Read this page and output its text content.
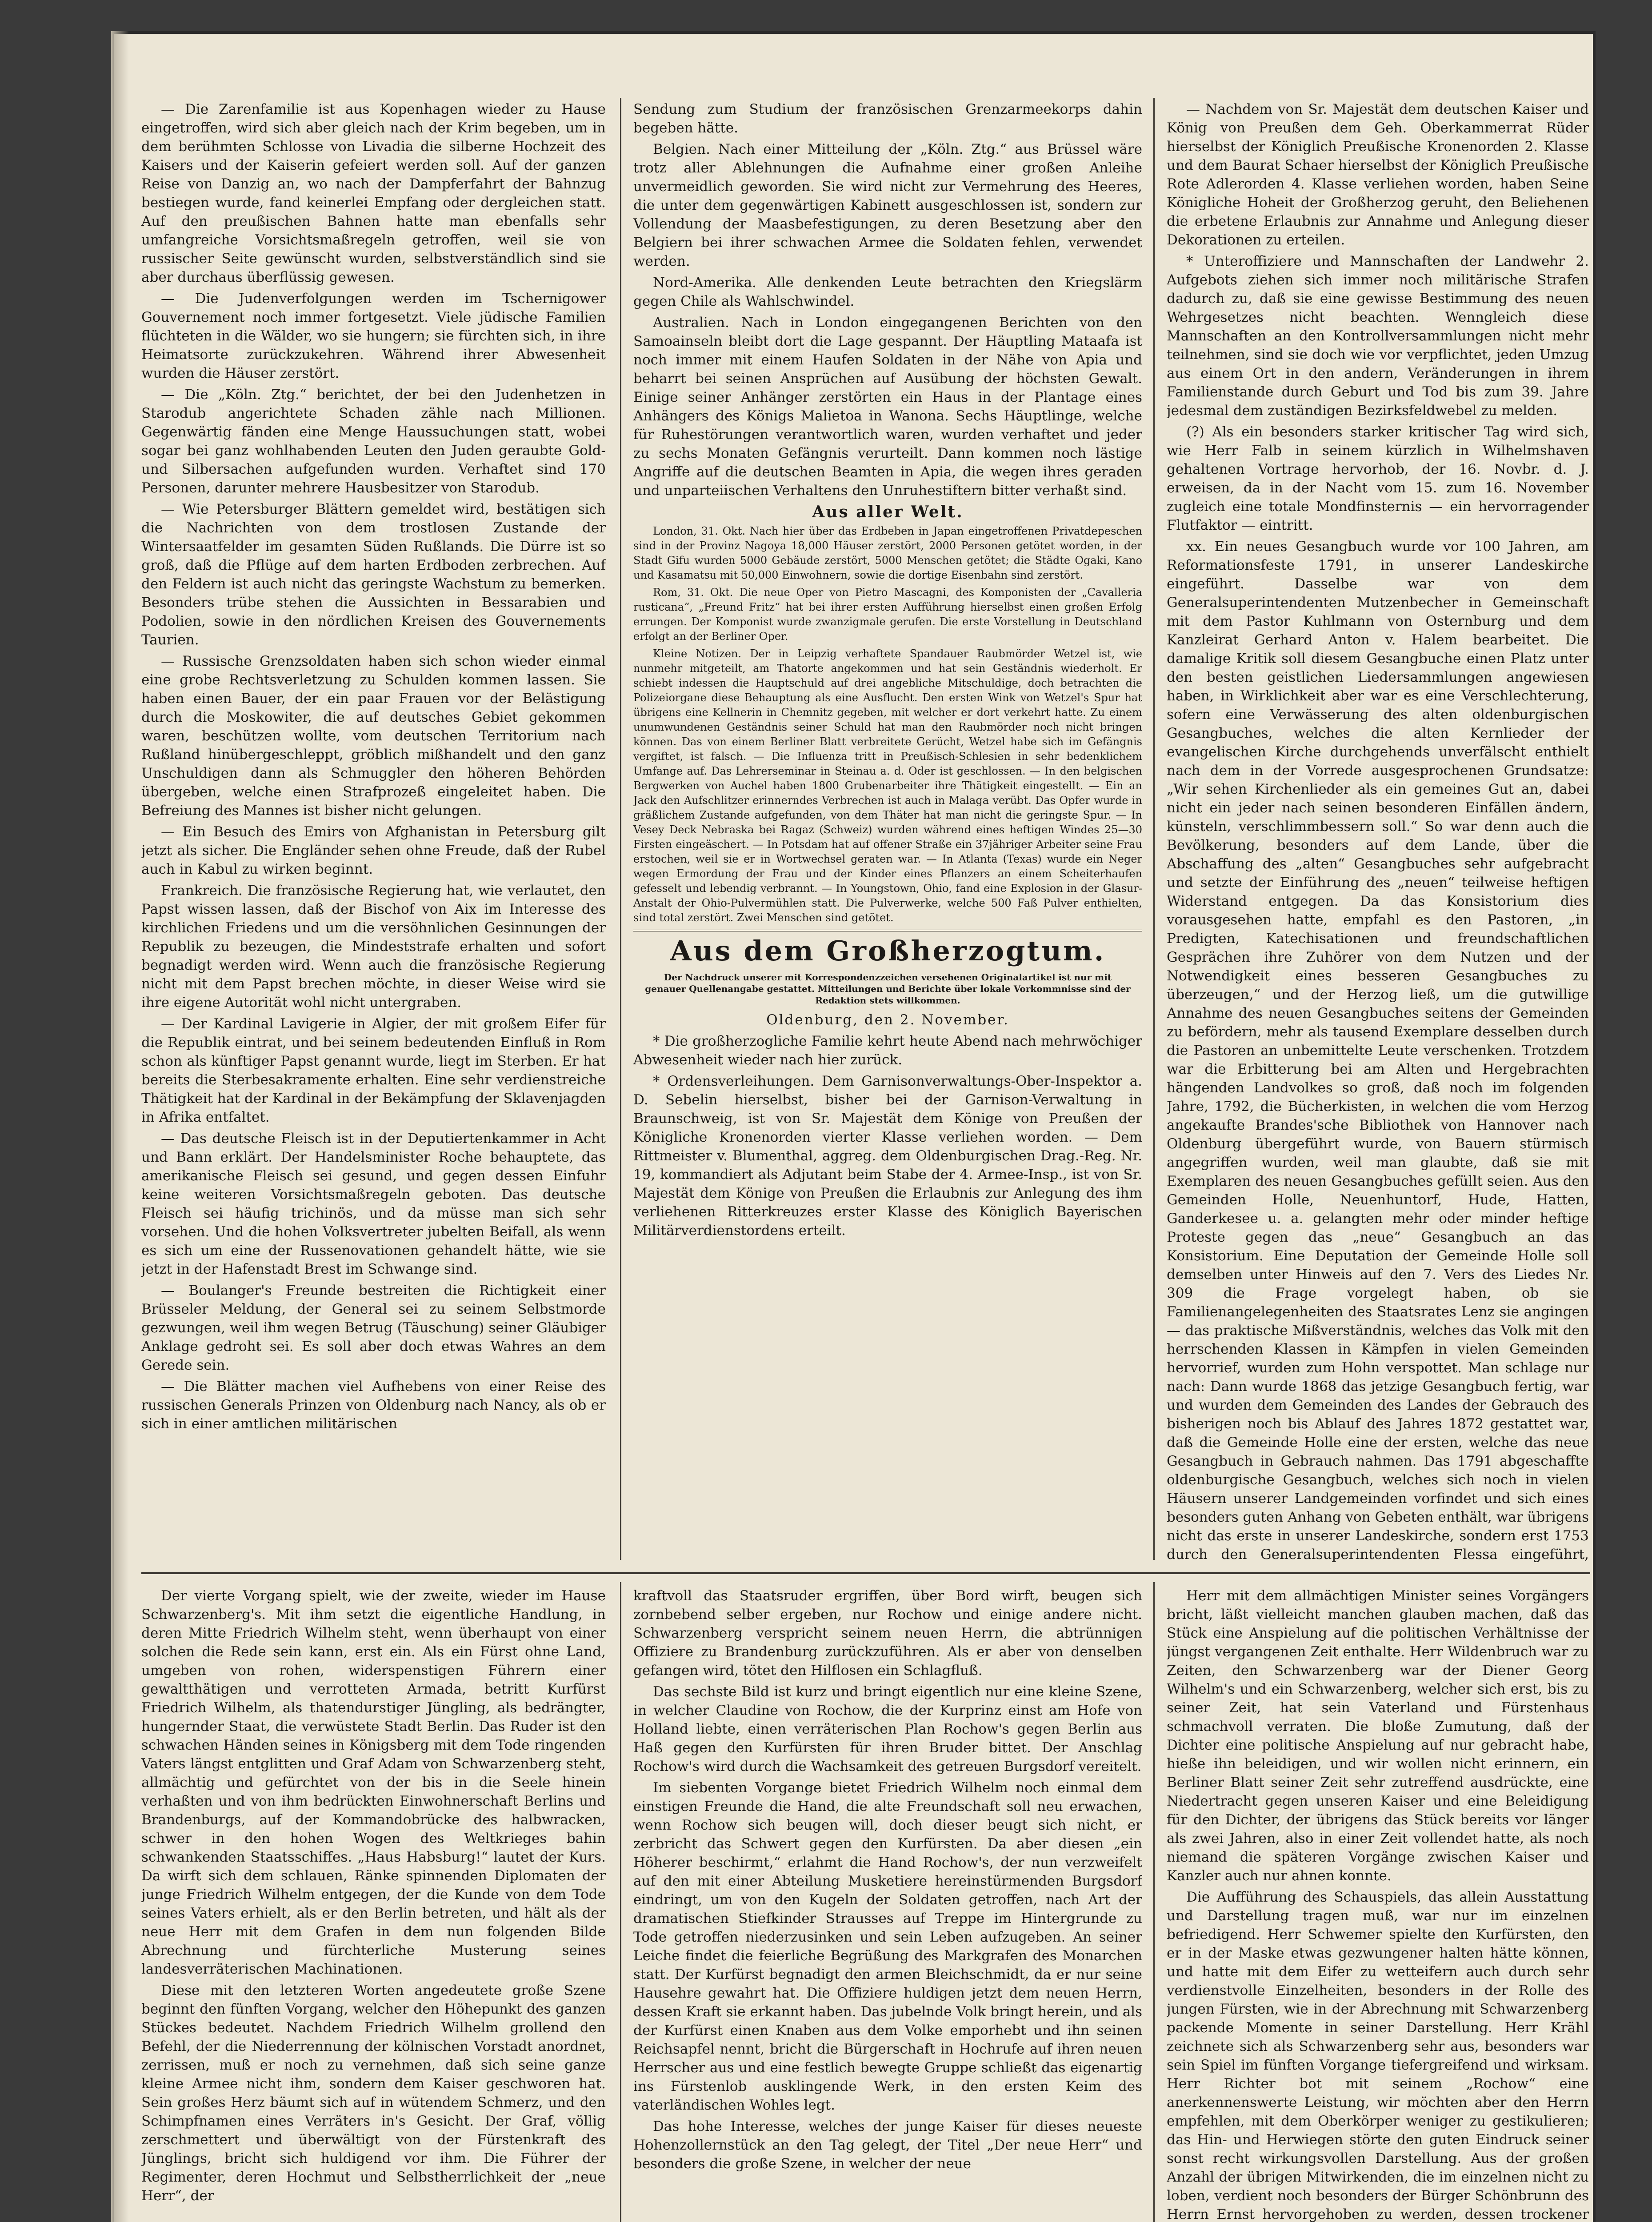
— Die Zarenfamilie ist aus Kopenhagen wieder zu Hause eingetroffen, wird sich aber gleich nach der Krim begeben, um in dem berühmten Schlosse von Livadia die silberne Hochzeit des Kaisers und der Kaiserin gefeiert werden soll. Auf der ganzen Reise von Danzig an, wo nach der Dampferfahrt der Bahnzug bestiegen wurde, fand keinerlei Empfang oder dergleichen statt. Auf den preußischen Bahnen hatte man ebenfalls sehr umfangreiche Vorsichtsmaßregeln getroffen, weil sie von russischer Seite gewünscht wurden, selbstverständlich sind sie aber durchaus überflüssig gewesen.

— Die Judenverfolgungen werden im Tschernigower Gouvernement noch immer fortgesetzt. Viele jüdische Familien flüchteten in die Wälder, wo sie hungern; sie fürchten sich, in ihre Heimatsorte zurückzukehren. Während ihrer Abwesenheit wurden die Häuser zerstört.

— Die „Köln. Ztg.“ berichtet, der bei den Judenhetzen in Starodub angerichtete Schaden zähle nach Millionen. Gegenwärtig fänden eine Menge Haussuchungen statt, wobei sogar bei ganz wohlhabenden Leuten den Juden geraubte Gold- und Silbersachen aufgefunden wurden. Verhaftet sind 170 Personen, darunter mehrere Hausbesitzer von Starodub.

— Wie Petersburger Blättern gemeldet wird, bestätigen sich die Nachrichten von dem trostlosen Zustande der Wintersaatfelder im gesamten Süden Rußlands. Die Dürre ist so groß, daß die Pflüge auf dem harten Erdboden zerbrechen. Auf den Feldern ist auch nicht das geringste Wachstum zu bemerken. Besonders trübe stehen die Aussichten in Bessarabien und Podolien, sowie in den nördlichen Kreisen des Gouvernements Taurien.

— Russische Grenzsoldaten haben sich schon wieder einmal eine grobe Rechtsverletzung zu Schulden kommen lassen. Sie haben einen Bauer, der ein paar Frauen vor der Belästigung durch die Moskowiter, die auf deutsches Gebiet gekommen waren, beschützen wollte, vom deutschen Territorium nach Rußland hinübergeschleppt, gröblich mißhandelt und den ganz Unschuldigen dann als Schmuggler den höheren Behörden übergeben, welche einen Strafprozeß eingeleitet haben. Die Befreiung des Mannes ist bisher nicht gelungen.

— Ein Besuch des Emirs von Afghanistan in Petersburg gilt jetzt als sicher. Die Engländer sehen ohne Freude, daß der Rubel auch in Kabul zu wirken beginnt.

Frankreich. Die französische Regierung hat, wie verlautet, den Papst wissen lassen, daß der Bischof von Aix im Interesse des kirchlichen Friedens und um die versöhnlichen Gesinnungen der Republik zu bezeugen, die Mindeststrafe erhalten und sofort begnadigt werden wird. Wenn auch die französische Regierung nicht mit dem Papst brechen möchte, in dieser Weise wird sie ihre eigene Autorität wohl nicht untergraben.

— Der Kardinal Lavigerie in Algier, der mit großem Eifer für die Republik eintrat, und bei seinem bedeutenden Einfluß in Rom schon als künftiger Papst genannt wurde, liegt im Sterben. Er hat bereits die Sterbesakramente erhalten. Eine sehr verdienstreiche Thätigkeit hat der Kardinal in der Bekämpfung der Sklavenjagden in Afrika entfaltet.

— Das deutsche Fleisch ist in der Deputiertenkammer in Acht und Bann erklärt. Der Handelsminister Roche behauptete, das amerikanische Fleisch sei gesund, und gegen dessen Einfuhr keine weiteren Vorsichtsmaßregeln geboten. Das deutsche Fleisch sei häufig trichinös, und da müsse man sich sehr vorsehen. Und die hohen Volksvertreter jubelten Beifall, als wenn es sich um eine der Russenovationen gehandelt hätte, wie sie jetzt in der Hafenstadt Brest im Schwange sind.

— Boulanger's Freunde bestreiten die Richtigkeit einer Brüsseler Meldung, der General sei zu seinem Selbstmorde gezwungen, weil ihm wegen Betrug (Täuschung) seiner Gläubiger Anklage gedroht sei. Es soll aber doch etwas Wahres an dem Gerede sein.

— Die Blätter machen viel Aufhebens von einer Reise des russischen Generals Prinzen von Oldenburg nach Nancy, als ob er sich in einer amtlichen militärischen

Sendung zum Studium der französischen Grenzarmeekorps dahin begeben hätte.

Belgien. Nach einer Mitteilung der „Köln. Ztg.“ aus Brüssel wäre trotz aller Ablehnungen die Aufnahme einer großen Anleihe unvermeidlich geworden. Sie wird nicht zur Vermehrung des Heeres, die unter dem gegenwärtigen Kabinett ausgeschlossen ist, sondern zur Vollendung der Maasbefestigungen, zu deren Besetzung aber den Belgiern bei ihrer schwachen Armee die Soldaten fehlen, verwendet werden.

Nord-Amerika. Alle denkenden Leute betrachten den Kriegslärm gegen Chile als Wahlschwindel.

Australien. Nach in London eingegangenen Berichten von den Samoainseln bleibt dort die Lage gespannt. Der Häuptling Mataafa ist noch immer mit einem Haufen Soldaten in der Nähe von Apia und beharrt bei seinen Ansprüchen auf Ausübung der höchsten Gewalt. Einige seiner Anhänger zerstörten ein Haus in der Plantage eines Anhängers des Königs Malietoa in Wanona. Sechs Häuptlinge, welche für Ruhestörungen verantwortlich waren, wurden verhaftet und jeder zu sechs Monaten Gefängnis verurteilt. Dann kommen noch lästige Angriffe auf die deutschen Beamten in Apia, die wegen ihres geraden und unparteiischen Verhaltens den Unruhestiftern bitter verhaßt sind.

Aus aller Welt.

London, 31. Okt. Nach hier über das Erdbeben in Japan eingetroffenen Privatdepeschen sind in der Provinz Nagoya 18,000 Häuser zerstört, 2000 Personen getötet worden, in der Stadt Gifu wurden 5000 Gebäude zerstört, 5000 Menschen getötet; die Städte Ogaki, Kano und Kasamatsu mit 50,000 Einwohnern, sowie die dortige Eisenbahn sind zerstört.

Rom, 31. Okt. Die neue Oper von Pietro Mascagni, des Komponisten der „Cavalleria rusticana“, „Freund Fritz“ hat bei ihrer ersten Aufführung hierselbst einen großen Erfolg errungen. Der Komponist wurde zwanzigmale gerufen. Die erste Vorstellung in Deutschland erfolgt an der Berliner Oper.

Kleine Notizen. Der in Leipzig verhaftete Spandauer Raubmörder Wetzel ist, wie nunmehr mitgeteilt, am Thatorte angekommen und hat sein Geständnis wiederholt. Er schiebt indessen die Hauptschuld auf drei angebliche Mitschuldige, doch betrachten die Polizeiorgane diese Behauptung als eine Ausflucht. Den ersten Wink von Wetzel's Spur hat übrigens eine Kellnerin in Chemnitz gegeben, mit welcher er dort verkehrt hatte. Zu einem unumwundenen Geständnis seiner Schuld hat man den Raubmörder noch nicht bringen können. Das von einem Berliner Blatt verbreitete Gerücht, Wetzel habe sich im Gefängnis vergiftet, ist falsch. — Die Influenza tritt in Preußisch-Schlesien in sehr bedenklichem Umfange auf. Das Lehrerseminar in Steinau a. d. Oder ist geschlossen. — In den belgischen Bergwerken von Auchel haben 1800 Grubenarbeiter ihre Thätigkeit eingestellt. — Ein an Jack den Aufschlitzer erinnerndes Verbrechen ist auch in Malaga verübt. Das Opfer wurde in gräßlichem Zustande aufgefunden, von dem Thäter hat man nicht die geringste Spur. — In Vesey Deck Nebraska bei Ragaz (Schweiz) wurden während eines heftigen Windes 25—30 Firsten eingeäschert. — In Potsdam hat auf offener Straße ein 37jähriger Arbeiter seine Frau erstochen, weil sie er in Wortwechsel geraten war. — In Atlanta (Texas) wurde ein Neger wegen Ermordung der Frau und der Kinder eines Pflanzers an einem Scheiterhaufen gefesselt und lebendig verbrannt. — In Youngstown, Ohio, fand eine Explosion in der Glasur-Anstalt der Ohio-Pulvermühlen statt. Die Pulverwerke, welche 500 Faß Pulver enthielten, sind total zerstört. Zwei Menschen sind getötet.

Aus dem Großherzogtum.

Der Nachdruck unserer mit Korrespondenzzeichen versehenen Originalartikel ist nur mit genauer Quellenangabe gestattet. Mitteilungen und Berichte über lokale Vorkommnisse sind der Redaktion stets willkommen.

Oldenburg, den 2. November.

* Die großherzogliche Familie kehrt heute Abend nach mehrwöchiger Abwesenheit wieder nach hier zurück.

* Ordensverleihungen. Dem Garnisonverwaltungs-Ober-Inspektor a. D. Sebelin hierselbst, bisher bei der Garnison-Verwaltung in Braunschweig, ist von Sr. Majestät dem Könige von Preußen der Königliche Kronenorden vierter Klasse verliehen worden. — Dem Rittmeister v. Blumenthal, aggreg. dem Oldenburgischen Drag.-Reg. Nr. 19, kommandiert als Adjutant beim Stabe der 4. Armee-Insp., ist von Sr. Majestät dem Könige von Preußen die Erlaubnis zur Anlegung des ihm verliehenen Ritterkreuzes erster Klasse des Königlich Bayerischen Militärverdienstordens erteilt.

— Nachdem von Sr. Majestät dem deutschen Kaiser und König von Preußen dem Geh. Oberkammerrat Rüder hierselbst der Königlich Preußische Kronenorden 2. Klasse und dem Baurat Schaer hierselbst der Königlich Preußische Rote Adlerorden 4. Klasse verliehen worden, haben Seine Königliche Hoheit der Großherzog geruht, den Beliehenen die erbetene Erlaubnis zur Annahme und Anlegung dieser Dekorationen zu erteilen.

* Unteroffiziere und Mannschaften der Landwehr 2. Aufgebots ziehen sich immer noch militärische Strafen dadurch zu, daß sie eine gewisse Bestimmung des neuen Wehrgesetzes nicht beachten. Wenngleich diese Mannschaften an den Kontrollversammlungen nicht mehr teilnehmen, sind sie doch wie vor verpflichtet, jeden Umzug aus einem Ort in den andern, Veränderungen in ihrem Familienstande durch Geburt und Tod bis zum 39. Jahre jedesmal dem zuständigen Bezirksfeldwebel zu melden.

(?) Als ein besonders starker kritischer Tag wird sich, wie Herr Falb in seinem kürzlich in Wilhelmshaven gehaltenen Vortrage hervorhob, der 16. Novbr. d. J. erweisen, da in der Nacht vom 15. zum 16. November zugleich eine totale Mondfinsternis — ein hervorragender Flutfaktor — eintritt.

xx. Ein neues Gesangbuch wurde vor 100 Jahren, am Reformationsfeste 1791, in unserer Landeskirche eingeführt. Dasselbe war von dem Generalsuperintendenten Mutzenbecher in Gemeinschaft mit dem Pastor Kuhlmann von Osternburg und dem Kanzleirat Gerhard Anton v. Halem bearbeitet. Die damalige Kritik soll diesem Gesangbuche einen Platz unter den besten geistlichen Liedersammlungen angewiesen haben, in Wirklichkeit aber war es eine Verschlechterung, sofern eine Verwässerung des alten oldenburgischen Gesangbuches, welches die alten Kernlieder der evangelischen Kirche durchgehends unverfälscht enthielt nach dem in der Vorrede ausgesprochenen Grundsatze: „Wir sehen Kirchenlieder als ein gemeines Gut an, dabei nicht ein jeder nach seinen besonderen Einfällen ändern, künsteln, verschlimmbessern soll.“ So war denn auch die Bevölkerung, besonders auf dem Lande, über die Abschaffung des „alten“ Gesangbuches sehr aufgebracht und setzte der Einführung des „neuen“ teilweise heftigen Widerstand entgegen. Da das Konsistorium dies vorausgesehen hatte, empfahl es den Pastoren, „in Predigten, Katechisationen und freundschaftlichen Gesprächen ihre Zuhörer von dem Nutzen und der Notwendigkeit eines besseren Gesangbuches zu überzeugen,“ und der Herzog ließ, um die gutwillige Annahme des neuen Gesangbuches seitens der Gemeinden zu befördern, mehr als tausend Exemplare desselben durch die Pastoren an unbemittelte Leute verschenken. Trotzdem war die Erbitterung bei am Alten und Hergebrachten hängenden Landvolkes so groß, daß noch im folgenden Jahre, 1792, die Bücherkisten, in welchen die vom Herzog angekaufte Brandes'sche Bibliothek von Hannover nach Oldenburg übergeführt wurde, von Bauern stürmisch angegriffen wurden, weil man glaubte, daß sie mit Exemplaren des neuen Gesangbuches gefüllt seien. Aus den Gemeinden Holle, Neuenhuntorf, Hude, Hatten, Ganderkesee u. a. gelangten mehr oder minder heftige Proteste gegen das „neue“ Gesangbuch an das Konsistorium. Eine Deputation der Gemeinde Holle soll demselben unter Hinweis auf den 7. Vers des Liedes Nr. 309 die Frage vorgelegt haben, ob sie Familienangelegenheiten des Staatsrates Lenz sie angingen — das praktische Mißverständnis, welches das Volk mit den herrschenden Klassen in Kämpfen in vielen Gemeinden hervorrief, wurden zum Hohn verspottet. Man schlage nur nach: Dann wurde 1868 das jetzige Gesangbuch fertig, war und wurden dem Gemeinden des Landes der Gebrauch des bisherigen noch bis Ablauf des Jahres 1872 gestattet war, daß die Gemeinde Holle eine der ersten, welche das neue Gesangbuch in Gebrauch nahmen. Das 1791 abgeschaffte oldenburgische Gesangbuch, welches sich noch in vielen Häusern unserer Landgemeinden vorfindet und sich eines besonders guten Anhang von Gebeten enthält, war übrigens nicht das erste in unserer Landeskirche, sondern erst 1753 durch den Generalsuperintendenten Flessa eingeführt,

Der vierte Vorgang spielt, wie der zweite, wieder im Hause Schwarzenberg's. Mit ihm setzt die eigentliche Handlung, in deren Mitte Friedrich Wilhelm steht, wenn überhaupt von einer solchen die Rede sein kann, erst ein. Als ein Fürst ohne Land, umgeben von rohen, widerspenstigen Führern einer gewaltthätigen und verrotteten Armada, betritt Kurfürst Friedrich Wilhelm, als thatendurstiger Jüngling, als bedrängter, hungernder Staat, die verwüstete Stadt Berlin. Das Ruder ist den schwachen Händen seines in Königsberg mit dem Tode ringenden Vaters längst entglitten und Graf Adam von Schwarzenberg steht, allmächtig und gefürchtet von der bis in die Seele hinein verhaßten und von ihm bedrückten Einwohnerschaft Berlins und Brandenburgs, auf der Kommandobrücke des halbwracken, schwer in den hohen Wogen des Weltkrieges bahin schwankenden Staatsschiffes. „Haus Habsburg!“ lautet der Kurs. Da wirft sich dem schlauen, Ränke spinnenden Diplomaten der junge Friedrich Wilhelm entgegen, der die Kunde von dem Tode seines Vaters erhielt, als er den Berlin betreten, und hält als der neue Herr mit dem Grafen in dem nun folgenden Bilde Abrechnung und fürchterliche Musterung seines landesverräterischen Machinationen.

Diese mit den letzteren Worten angedeutete große Szene beginnt den fünften Vorgang, welcher den Höhepunkt des ganzen Stückes bedeutet. Nachdem Friedrich Wilhelm grollend den Befehl, der die Niederrennung der kölnischen Vorstadt anordnet, zerrissen, muß er noch zu vernehmen, daß sich seine ganze kleine Armee nicht ihm, sondern dem Kaiser geschworen hat. Sein großes Herz bäumt sich auf in wütendem Schmerz, und den Schimpfnamen eines Verräters in's Gesicht. Der Graf, völlig zerschmettert und überwältigt von der Fürstenkraft des Jünglings, bricht sich huldigend vor ihm. Die Führer der Regimenter, deren Hochmut und Selbstherrlichkeit der „neue Herr“, der

kraftvoll das Staatsruder ergriffen, über Bord wirft, beugen sich zornbebend selber ergeben, nur Rochow und einige andere nicht. Schwarzenberg verspricht seinem neuen Herrn, die abtrünnigen Offiziere zu Brandenburg zurückzuführen. Als er aber von denselben gefangen wird, tötet den Hilflosen ein Schlagfluß.

Das sechste Bild ist kurz und bringt eigentlich nur eine kleine Szene, in welcher Claudine von Rochow, die der Kurprinz einst am Hofe von Holland liebte, einen verräterischen Plan Rochow's gegen Berlin aus Haß gegen den Kurfürsten für ihren Bruder bittet. Der Anschlag Rochow's wird durch die Wachsamkeit des getreuen Burgsdorf vereitelt.

Im siebenten Vorgange bietet Friedrich Wilhelm noch einmal dem einstigen Freunde die Hand, die alte Freundschaft soll neu erwachen, wenn Rochow sich beugen will, doch dieser beugt sich nicht, er zerbricht das Schwert gegen den Kurfürsten. Da aber diesen „ein Höherer beschirmt,“ erlahmt die Hand Rochow's, der nun verzweifelt auf den mit einer Abteilung Musketiere hereinstürmenden Burgsdorf eindringt, um von den Kugeln der Soldaten getroffen, nach Art der dramatischen Stiefkinder Strausses auf Treppe im Hintergrunde zu Tode getroffen niederzusinken und sein Leben aufzugeben. An seiner Leiche findet die feierliche Begrüßung des Markgrafen des Monarchen statt. Der Kurfürst begnadigt den armen Bleichschmidt, da er nur seine Hausehre gewahrt hat. Die Offiziere huldigen jetzt dem neuen Herrn, dessen Kraft sie erkannt haben. Das jubelnde Volk bringt herein, und als der Kurfürst einen Knaben aus dem Volke emporhebt und ihn seinen Reichsapfel nennt, bricht die Bürgerschaft in Hochrufe auf ihren neuen Herrscher aus und eine festlich bewegte Gruppe schließt das eigenartig ins Fürstenlob ausklingende Werk, in den ersten Keim des vaterländischen Wohles legt.

Das hohe Interesse, welches der junge Kaiser für dieses neueste Hohenzollernstück an den Tag gelegt, der Titel „Der neue Herr“ und besonders die große Szene, in welcher der neue

Herr mit dem allmächtigen Minister seines Vorgängers bricht, läßt vielleicht manchen glauben machen, daß das Stück eine Anspielung auf die politischen Verhältnisse der jüngst vergangenen Zeit enthalte. Herr Wildenbruch war zu Zeiten, den Schwarzenberg war der Diener Georg Wilhelm's und ein Schwarzenberg, welcher sich erst, bis zu seiner Zeit, hat sein Vaterland und Fürstenhaus schmachvoll verraten. Die bloße Zumutung, daß der Dichter eine politische Anspielung auf nur gebracht habe, hieße ihn beleidigen, und wir wollen nicht erinnern, ein Berliner Blatt seiner Zeit sehr zutreffend ausdrückte, eine Niedertracht gegen unseren Kaiser und eine Beleidigung für den Dichter, der übrigens das Stück bereits vor länger als zwei Jahren, also in einer Zeit vollendet hatte, als noch niemand die späteren Vorgänge zwischen Kaiser und Kanzler auch nur ahnen konnte.

Die Aufführung des Schauspiels, das allein Ausstattung und Darstellung tragen muß, war nur im einzelnen befriedigend. Herr Schwemer spielte den Kurfürsten, den er in der Maske etwas gezwungener halten hätte können, und hatte mit dem Eifer zu wetteifern auch durch sehr verdienstvolle Einzelheiten, besonders in der Rolle des jungen Fürsten, wie in der Abrechnung mit Schwarzenberg packende Momente in seiner Darstellung. Herr Krähl zeichnete sich als Schwarzenberg sehr aus, besonders war sein Spiel im fünften Vorgange tiefergreifend und wirksam. Herr Richter bot mit seinem „Rochow“ eine anerkennenswerte Leistung, wir möchten aber den Herrn empfehlen, mit dem Oberkörper weniger zu gestikulieren; das Hin- und Herwiegen störte den guten Eindruck seiner sonst recht wirkungsvollen Darstellung. Aus der großen Anzahl der übrigen Mitwirkenden, die im einzelnen nicht zu loben, verdient noch besonders der Bürger Schönbrunn des Herrn Ernst hervorgehoben zu werden, dessen trockener
